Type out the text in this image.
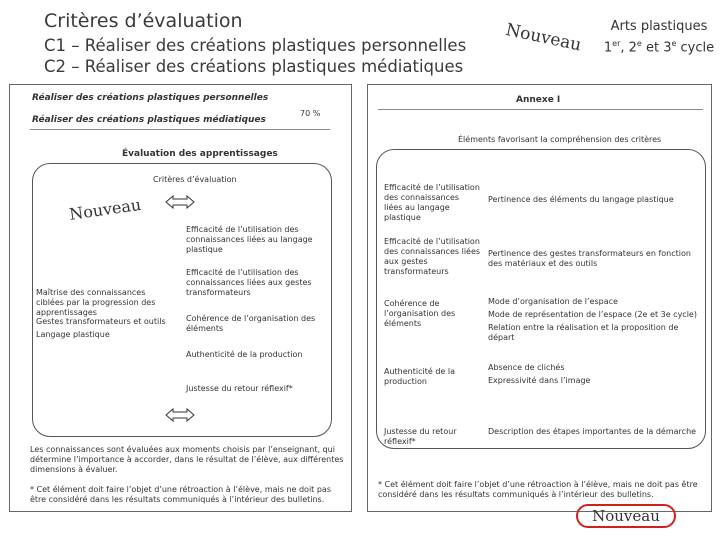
Critères d’évaluation
C1 – Réaliser des créations plastiques personnelles
C2 – Réaliser des créations plastiques médiatiques
Nouveau	Arts plastiques
1er, 2e et 3e cycle
Réaliser des créations plastiques personnelles
Réaliser des créations plastiques médiatiques
70 %
Évaluation des apprentissages
Critères d’évaluation
Efficacité de l’utilisation des connaissances liées au langage plastique
Efficacité de l’utilisation des connaissances liées aux gestes transformateurs
Cohérence de l’organisation des éléments
Authenticité de la production
Justesse du retour réflexif*
Maîtrise des connaissances ciblées par la progression des apprentissages
Gestes transformateurs et outils
Langage plastique
Les connaissances sont évaluées aux moments choisis par l’enseignant, qui détermine l’importance à accorder, dans le résultat de l’élève, aux différentes dimensions à évaluer.
* Cet élément doit faire l’objet d’une rétroaction à l’élève, mais ne doit pas être considéré dans les résultats communiqués à l’intérieur des bulletins.
Nouveau
Annexe I
Éléments favorisant la compréhension des critères
Efficacité de l’utilisation des connaissances liées au langage plastique
Pertinence des éléments du langage plastique
Efficacité de l’utilisation des connaissances liées aux gestes transformateurs
Pertinence des gestes transformateurs en fonction des matériaux et des outils
Cohérence de l’organisation des éléments
Mode d’organisation de l’espace
Mode de représentation de l’espace (2e et 3e cycle)
Relation entre la réalisation et la proposition de départ
Authenticité de la production
Absence de clichés
Expressivité dans l’image
Justesse du retour réflexif*
Description des étapes importantes de la démarche
* Cet élément doit faire l’objet d’une rétroaction à l’élève, mais ne doit pas être considéré dans les résultats communiqués à l’intérieur des bulletins.
Nouveau
